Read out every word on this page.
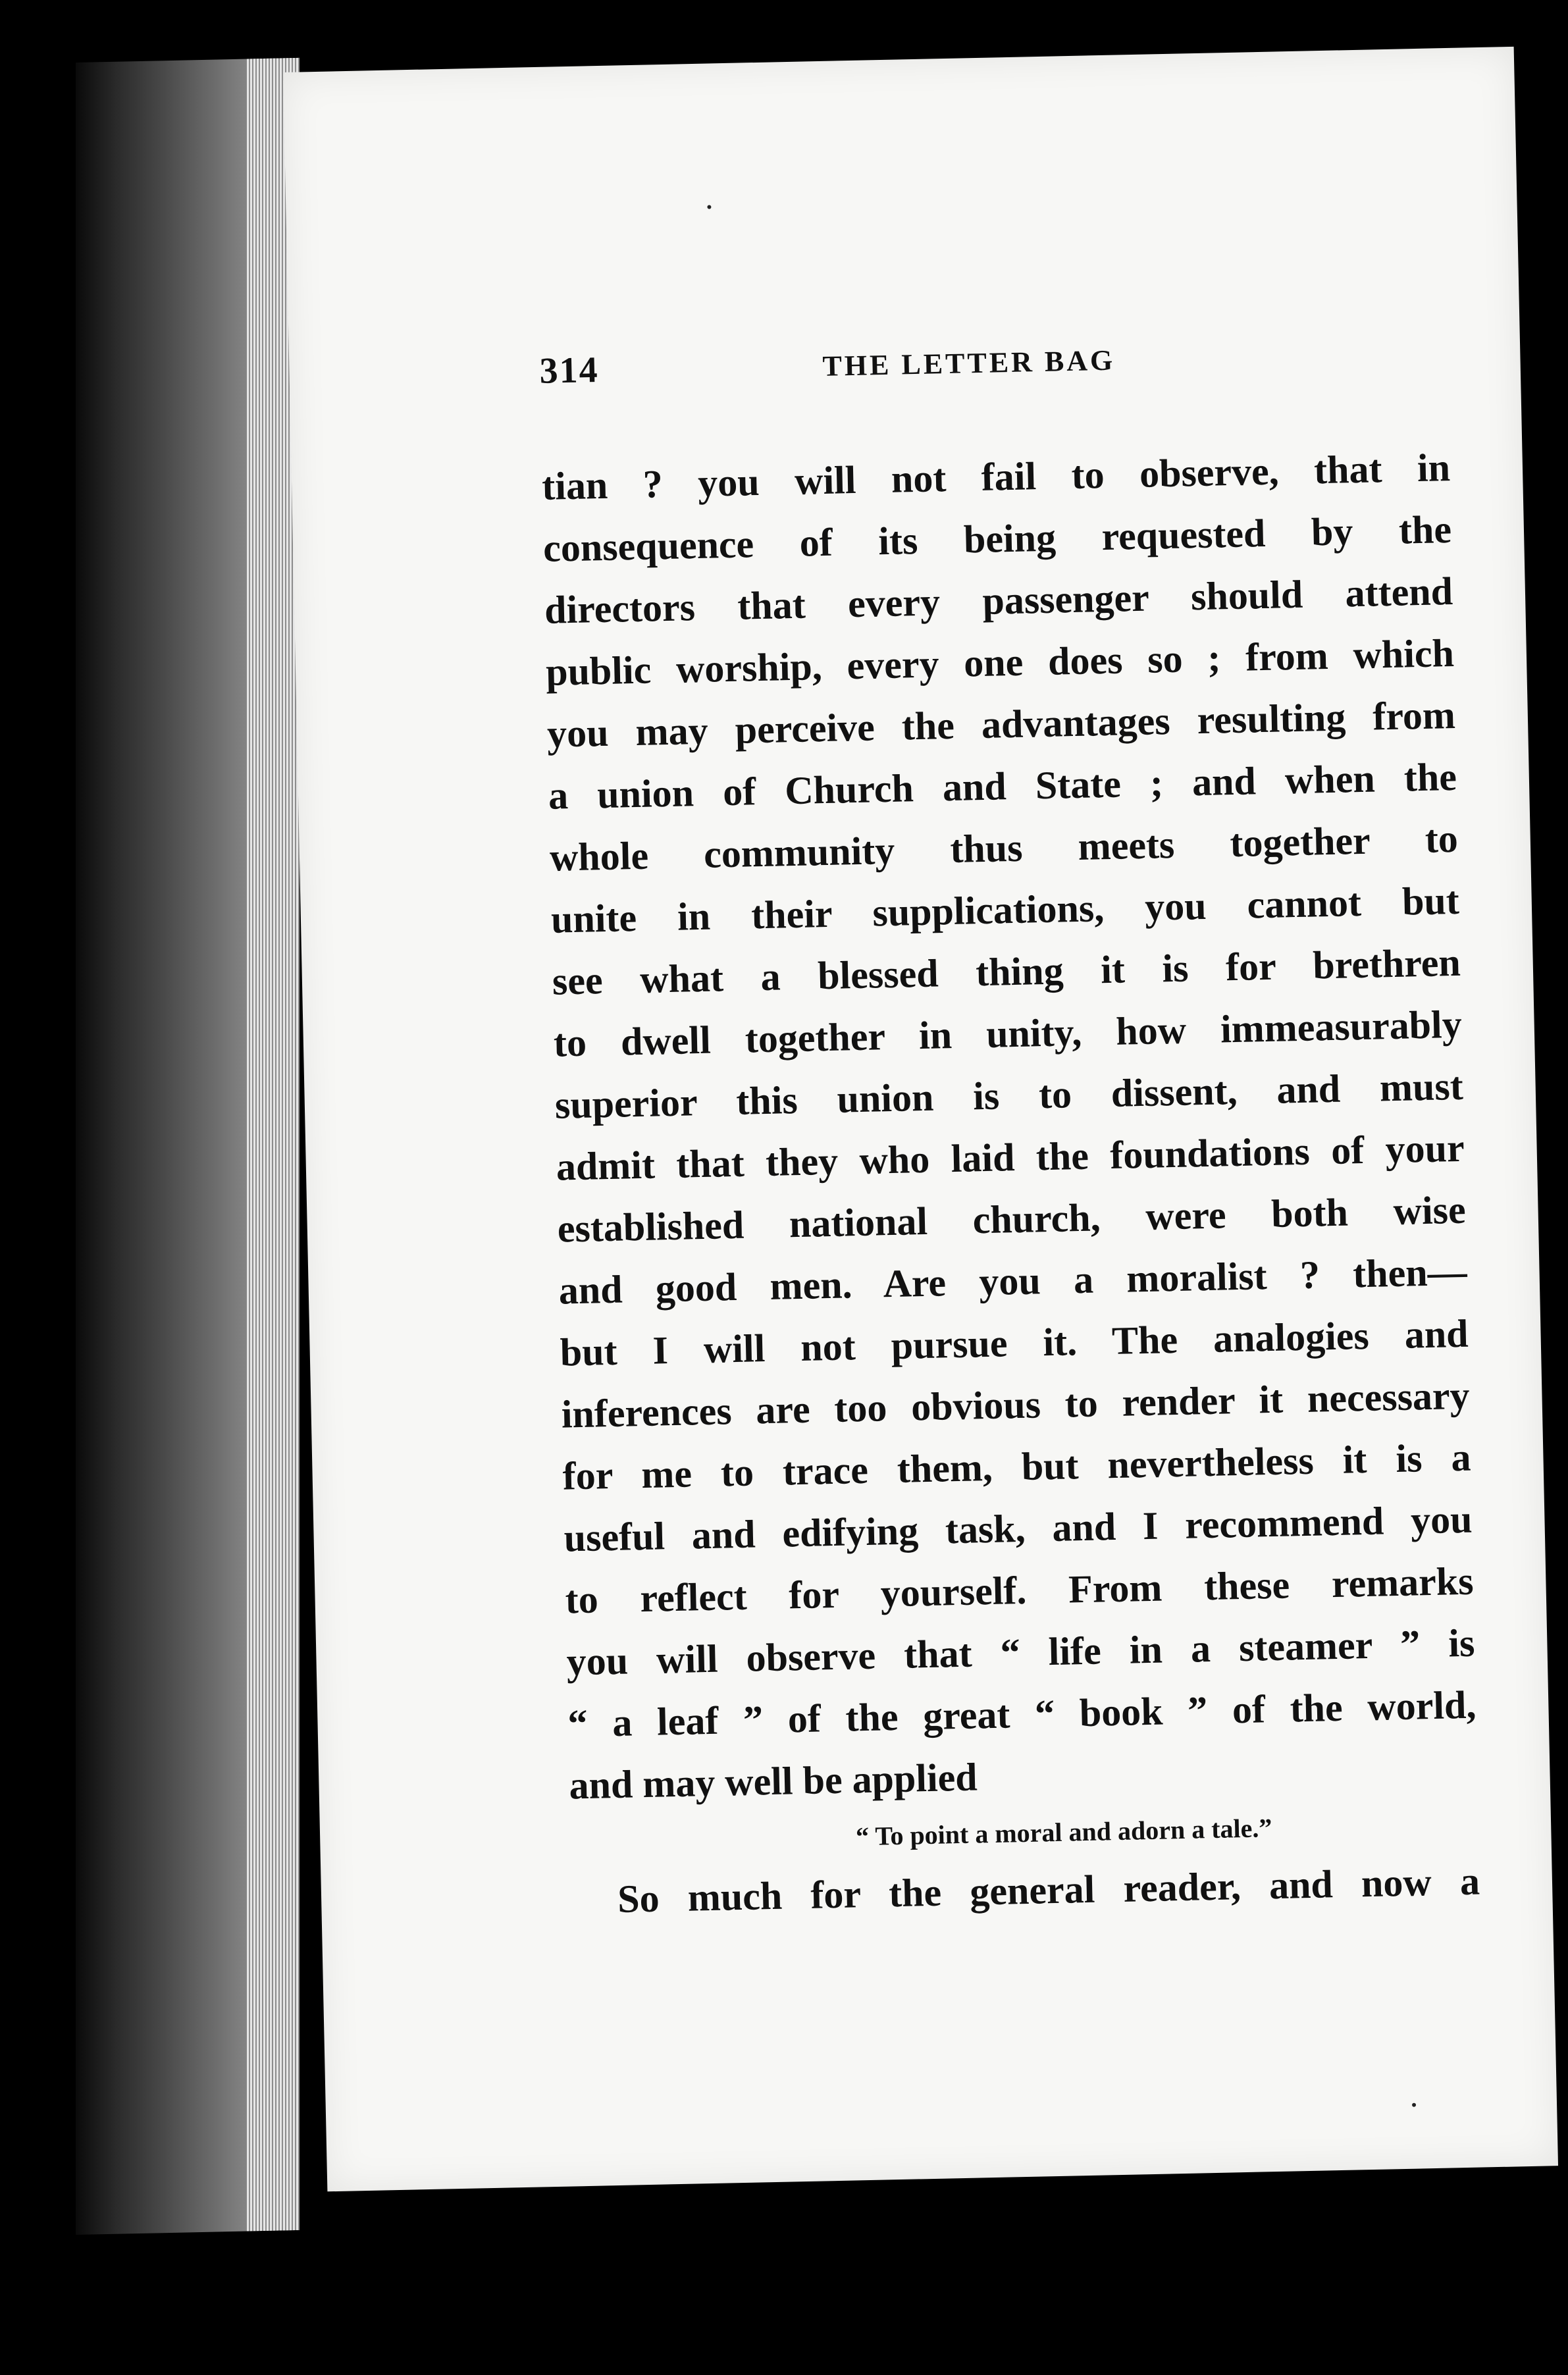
314	THE LETTER BAG
tian ? you will not fail to observe, that in
consequence of its being requested by the
directors that every passenger should attend
public worship, every one does so ; from which
you may perceive the advantages resulting from
a union of Church and State ; and when the
whole community thus meets together to
unite in their supplications, you cannot but
see what a blessed thing it is for brethren
to dwell together in unity, how immeasurably
superior this union is to dissent, and must
admit that they who laid the foundations of your
established national church, were both wise
and good men. Are you a moralist ? then—
but I will not pursue it. The analogies and
inferences are too obvious to render it necessary
for me to trace them, but nevertheless it is a
useful and edifying task, and I recommend you
to reflect for yourself. From these remarks
you will observe that “ life in a steamer ” is
“ a leaf ” of the great “ book ” of the world,
and may well be applied
“ To point a moral and adorn a tale.”
So much for the general reader, and now a
